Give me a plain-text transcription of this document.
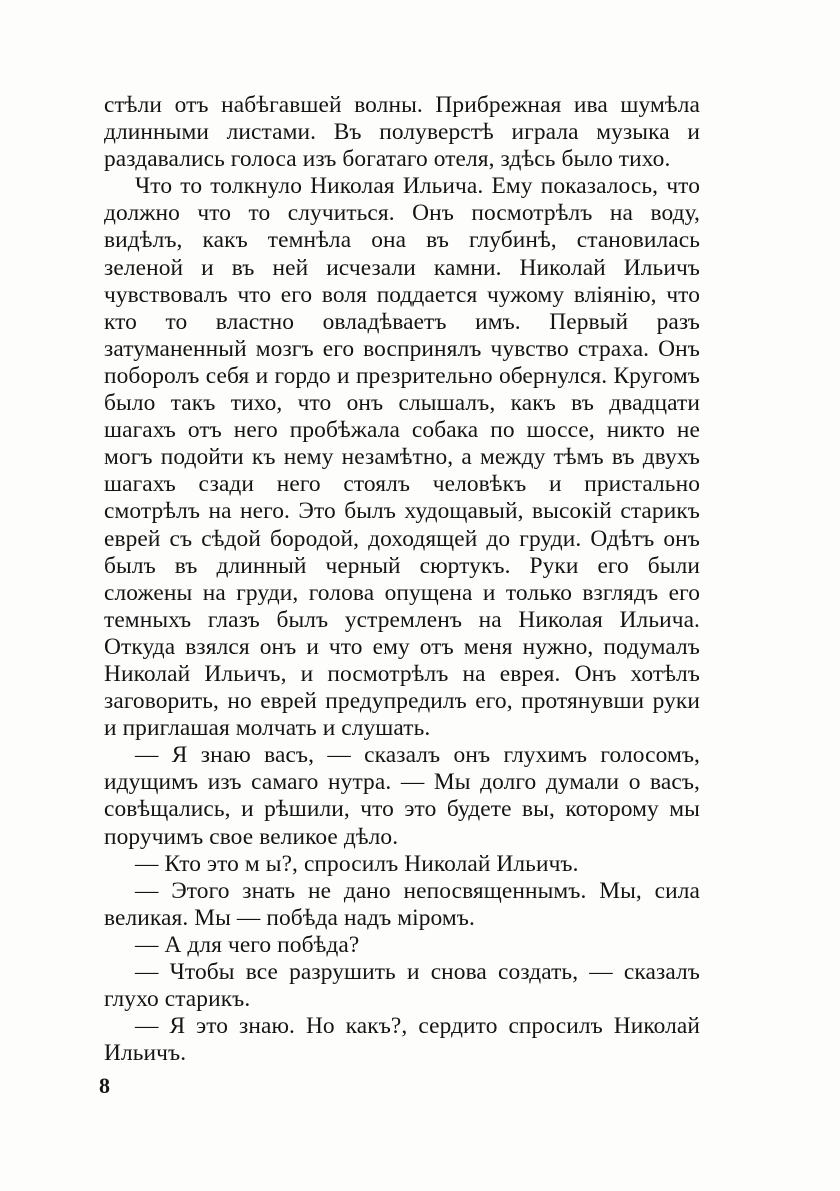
стѣли отъ набѣгавшей волны. Прибрежная ива шумѣла длинными листами. Въ полуверстѣ играла музыка и раздавались голоса изъ богатаго отеля, здѣсь было тихо.

Что то толкнуло Николая Ильича. Ему показалось, что должно что то случиться. Онъ посмотрѣлъ на воду, видѣлъ, какъ темнѣла она въ глубинѣ, становилась зеленой и въ ней исчезали камни. Николай Ильичъ чувствовалъ что его воля поддается чужому вліянію, что кто то властно овладѣваетъ имъ. Первый разъ затуманенный мозгъ его воспринялъ чувство страха. Онъ поборолъ себя и гордо и презрительно обернулся. Кругомъ было такъ тихо, что онъ слышалъ, какъ въ двадцати шагахъ отъ него пробѣжала собака по шоссе, никто не могъ подойти къ нему незамѣтно, а между тѣмъ въ двухъ шагахъ сзади него стоялъ человѣкъ и пристально смотрѣлъ на него. Это былъ худощавый, высокій старикъ еврей съ сѣдой бородой, доходящей до груди. Одѣтъ онъ былъ въ длинный черный сюртукъ. Руки его были сложены на груди, голова опущена и только взглядъ его темныхъ глазъ былъ устремленъ на Николая Ильича. Откуда взялся онъ и что ему отъ меня нужно, подумалъ Николай Ильичъ, и посмотрѣлъ на еврея. Онъ хотѣлъ заговорить, но еврей предупредилъ его, протянувши руки и приглашая молчать и слушать.

— Я знаю васъ, — сказалъ онъ глухимъ голосомъ, идущимъ изъ самаго нутра. — Мы долго думали о васъ, совѣщались, и рѣшили, что это будете вы, которому мы поручимъ свое великое дѣло.

— Кто это м ы?, спросилъ Николай Ильичъ.

— Этого знать не дано непосвященнымъ. Мы, сила великая. Мы — побѣда надъ міромъ.

— А для чего побѣда?

— Чтобы все разрушить и снова создать, — сказалъ глухо старикъ.

— Я это знаю. Но какъ?, сердито спросилъ Николай Ильичъ.

8
